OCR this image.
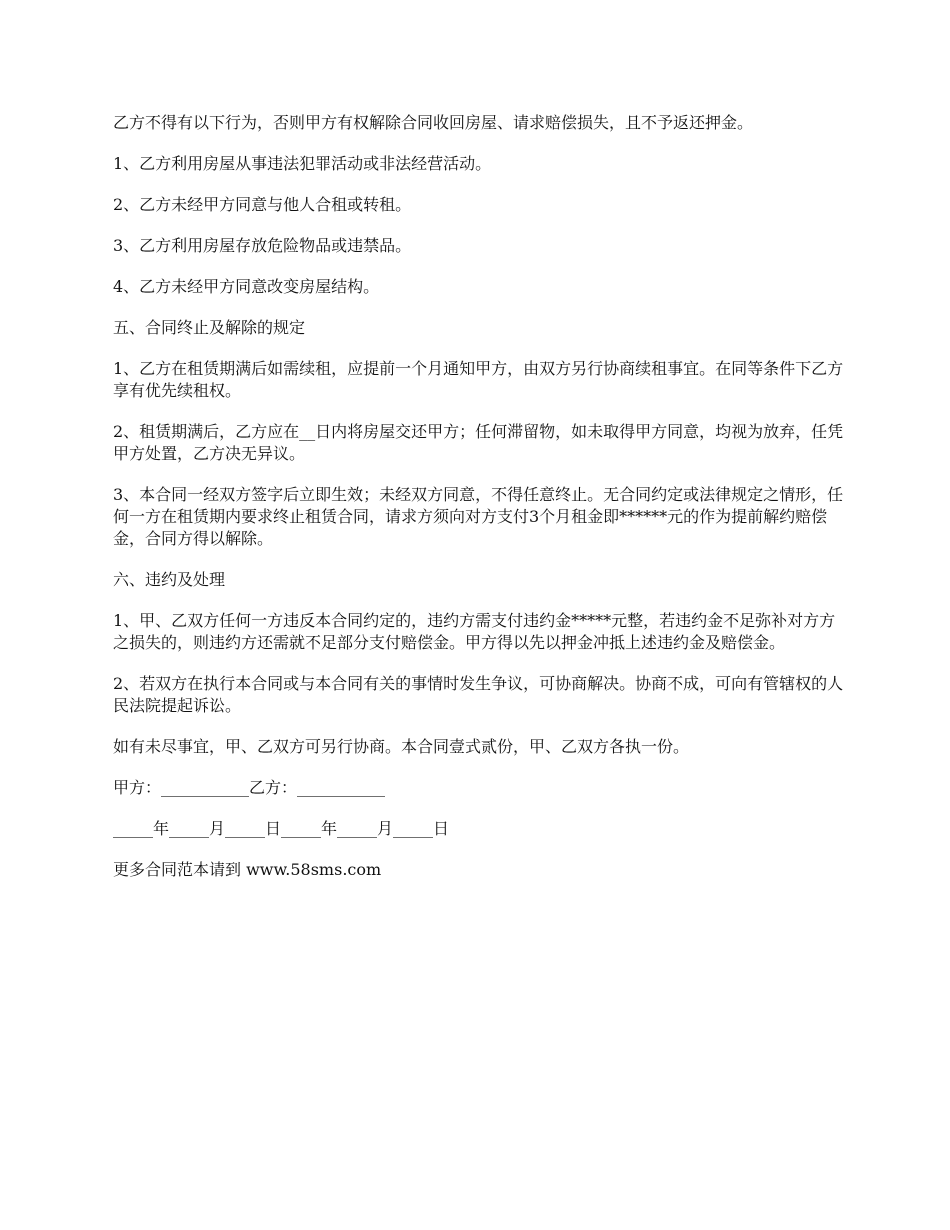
乙方不得有以下行为，否则甲方有权解除合同收回房屋、请求赔偿损失，且不予返还押金。

1、乙方利用房屋从事违法犯罪活动或非法经营活动。

2、乙方未经甲方同意与他人合租或转租。

3、乙方利用房屋存放危险物品或违禁品。

4、乙方未经甲方同意改变房屋结构。

五、合同终止及解除的规定

1、乙方在租赁期满后如需续租，应提前一个月通知甲方，由双方另行协商续租事宜。在同等条件下乙方享有优先续租权。

2、租赁期满后，乙方应在__日内将房屋交还甲方；任何滞留物，如未取得甲方同意，均视为放弃，任凭甲方处置，乙方决无异议。

3、本合同一经双方签字后立即生效；未经双方同意，不得任意终止。无合同约定或法律规定之情形，任何一方在租赁期内要求终止租赁合同，请求方须向对方支付3个月租金即******元的作为提前解约赔偿金，合同方得以解除。

六、违约及处理

1、甲、乙双方任何一方违反本合同约定的，违约方需支付违约金*****元整，若违约金不足弥补对方方之损失的，则违约方还需就不足部分支付赔偿金。甲方得以先以押金冲抵上述违约金及赔偿金。

2、若双方在执行本合同或与本合同有关的事情时发生争议，可协商解决。协商不成，可向有管辖权的人民法院提起诉讼。

如有未尽事宜，甲、乙双方可另行协商。本合同壹式贰份，甲、乙双方各执一份。

甲方：___________乙方：___________

_____年_____月_____日_____年_____月_____日

更多合同范本请到 www.58sms.com
